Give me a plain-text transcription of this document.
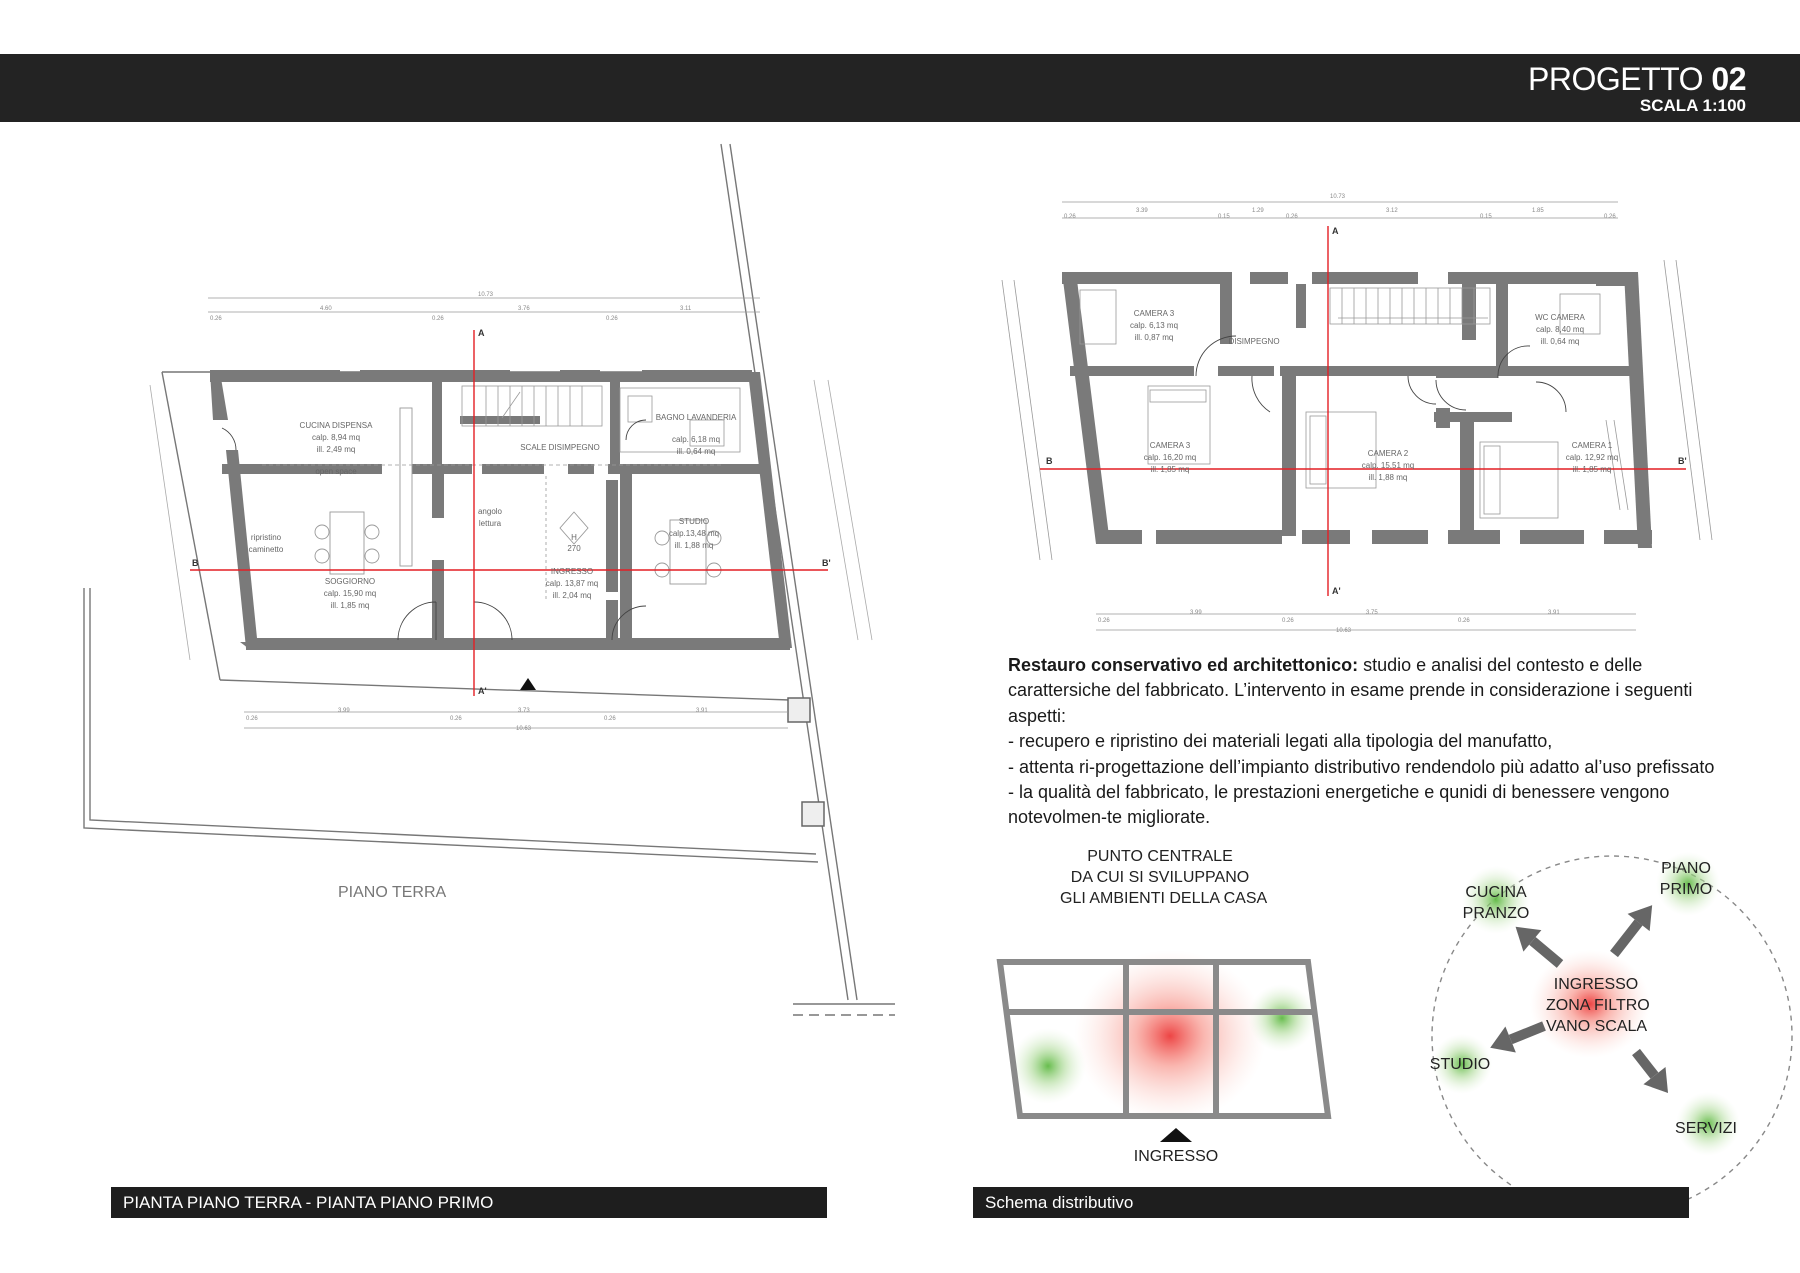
PROGETTO 02
SCALA 1:100
10.73
0.26
4.60
0.26
3.76
0.26
3.11
0.26
3.99
0.26
3.73
0.26
3.91
10.63
A
A'
B	B'
CUCINA DISPENSA
calp. 8,94 mq
ill. 2,49 mq
open space
SCALE DISIMPEGNO
BAGNO LAVANDERIA
calp. 6,18 mq
ill. 0,64 mq
SOGGIORNO
calp. 15,90 mq
ill. 1,85 mq
INGRESSO
calp. 13,87 mq
ill. 2,04 mq
STUDIO
calp.13,48 mq
ill. 1,88 mq
angolo
lettura
ripristino
caminetto
H
270
10.73
0.26
3.39
0.15
1.29
0.26
3.12
0.15
1.85
0.26
0.26
3.99
0.26
3.75
0.26
3.91
10.63
A
A'
B	B'
CAMERA 3
calp. 6,13 mq
ill. 0,87 mq	DISIMPEGNO
WC CAMERA
calp. 8,40 mq
ill. 0,64 mq
CAMERA 3
calp. 16,20 mq
ill. 1,85 mq
CAMERA 2
calp. 15,51 mq
ill. 1,88 mq
CAMERA 1
calp. 12,92 mq
ill. 1,85 mq
PIANO TERRA

Restauro conservativo ed architettonico: studio e analisi del contesto e delle carattersiche del fabbricato. L’intervento in esame prende in considerazione i seguenti aspetti:

- recupero e ripristino dei materiali legati alla tipologia del manufatto,

- attenta ri-progettazione dell’impianto distributivo rendendolo più adatto al’uso prefissato

- la qualità del fabbricato, le prestazioni energetiche e qunidi di benessere vengono notevolmen-te migliorate.

PUNTO CENTRALE
DA CUI SI SVILUPPANO
GLI AMBIENTI DELLA CASA
INGRESSO
INGRESSO
ZONA FILTRO
VANO SCALA
CUCINA
PRANZO
PIANO
PRIMO
STUDIO
SERVIZI
PIANTA PIANO TERRA - PIANTA PIANO PRIMO	Schema distributivo
